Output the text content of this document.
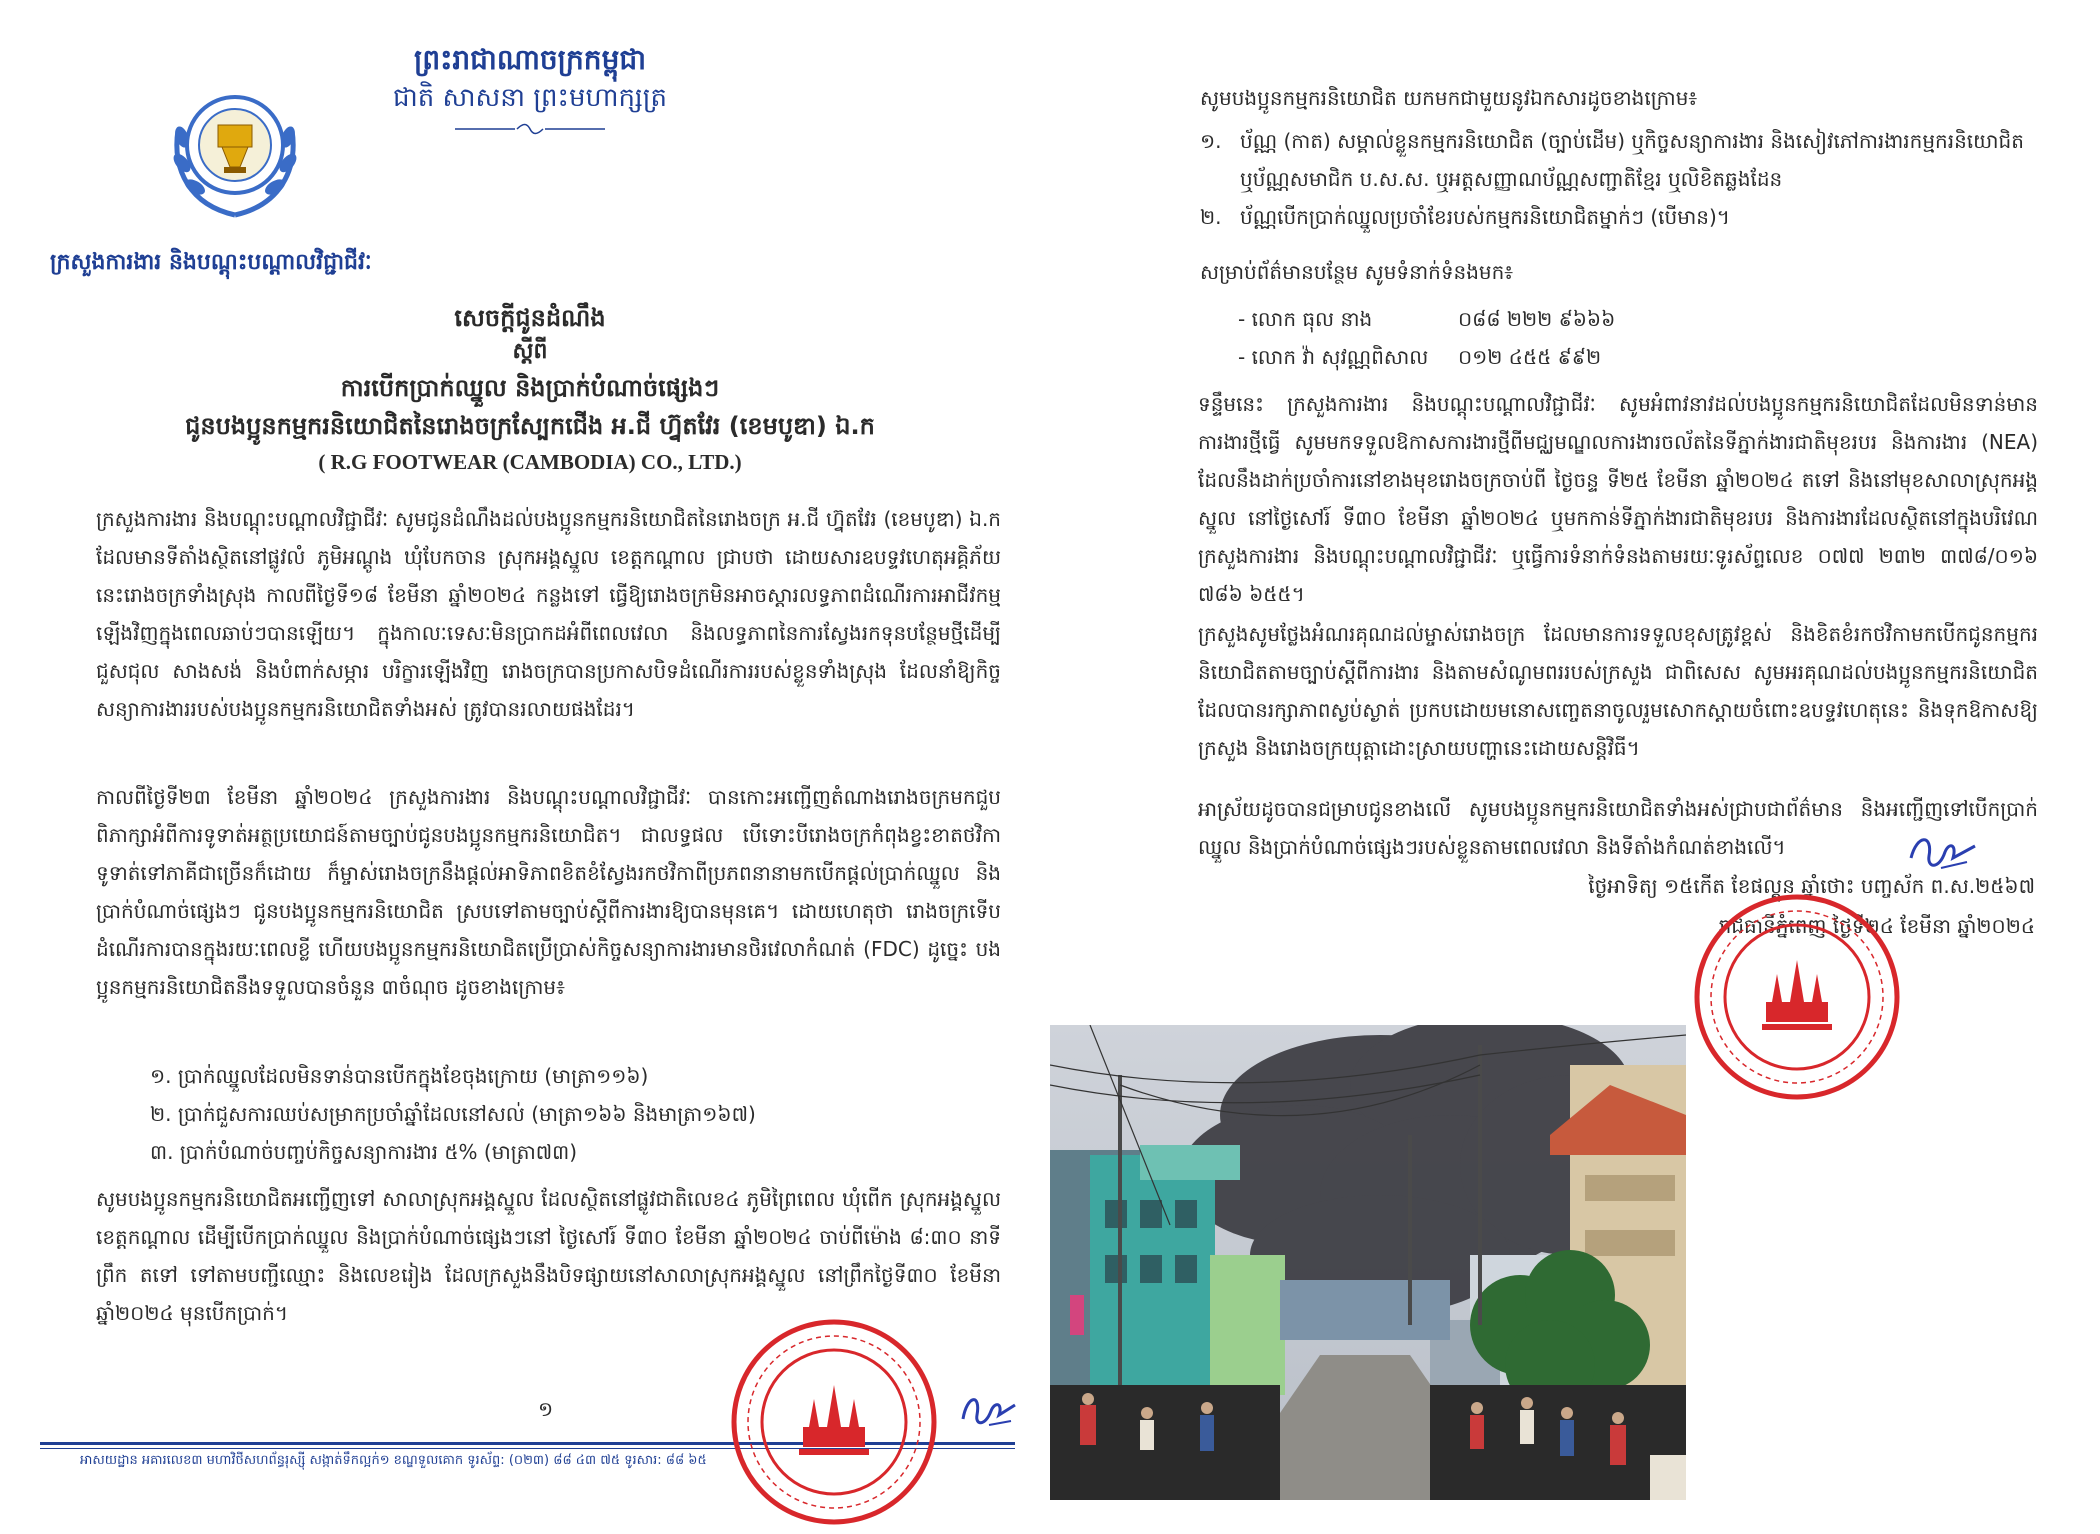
ព្រះរាជាណាចក្រកម្ពុជា
ជាតិ សាសនា ព្រះមហាក្សត្រ
ក្រសួងការងារ និងបណ្ដុះបណ្ដាលវិជ្ជាជីវៈ
សេចក្ដីជូនដំណឹង
ស្ដីពី
ការបើកប្រាក់ឈ្នួល និងប្រាក់បំណាច់ផ្សេងៗ
ជូនបងប្អូនកម្មករនិយោជិតនៃរោងចក្រស្បែកជើង អ.ជី ហ្វ៊ុតវែរ (ខេមបូឌា) ឯ.ក
( R.G FOOTWEAR (CAMBODIA) CO., LTD.)
ក្រសួងការងារ និងបណ្ដុះបណ្ដាលវិជ្ជាជីវៈ សូមជូនដំណឹងដល់បងប្អូនកម្មករនិយោជិតនៃរោងចក្រ អ.ជី ហ្វ៊ុតវែរ (ខេមបូឌា) ឯ.ក ដែលមានទីតាំងស្ថិតនៅផ្លូវលំ ភូមិអណ្ដូង ឃុំបែកចាន ស្រុកអង្គស្នួល ខេត្តកណ្ដាល ជ្រាបថា ដោយសារឧបទ្ទវហេតុអគ្គិភ័យនេះរោងចក្រទាំងស្រុង កាលពីថ្ងៃទី១៨ ខែមីនា ឆ្នាំ២០២៤ កន្លងទៅ ធ្វើឱ្យរោងចក្រមិនអាចស្ដារលទ្ធភាពដំណើរការអាជីវកម្មឡើងវិញក្នុងពេលឆាប់ៗបានឡើយ។ ក្នុងកាលៈទេសៈមិនប្រាកដអំពីពេលវេលា និងលទ្ធភាពនៃការស្វែងរកទុនបន្ថែមថ្មីដើម្បីជួសជុល សាងសង់ និងបំពាក់សម្ភារ បរិក្ខារឡើងវិញ រោងចក្របានប្រកាសបិទដំណើរការរបស់ខ្លួនទាំងស្រុង ដែលនាំឱ្យកិច្ចសន្យាការងាររបស់បងប្អូនកម្មករនិយោជិតទាំងអស់ ត្រូវបានរលាយផងដែរ។
កាលពីថ្ងៃទី២៣ ខែមីនា ឆ្នាំ២០២៤ ក្រសួងការងារ និងបណ្ដុះបណ្ដាលវិជ្ជាជីវៈ បានកោះអញ្ជើញតំណាងរោងចក្រមកជួបពិភាក្សាអំពីការទូទាត់អត្ថប្រយោជន៍តាមច្បាប់ជូនបងប្អូនកម្មករនិយោជិត។ ជាលទ្ធផល បើទោះបីរោងចក្រកំពុងខ្វះខាតថវិកាទូទាត់ទៅភាគីជាច្រើនក៏ដោយ ក៏ម្ចាស់រោងចក្រនឹងផ្ដល់អាទិភាពខិតខំស្វែងរកថវិកាពីប្រភពនានាមកបើកផ្ដល់ប្រាក់ឈ្នួល និងប្រាក់បំណាច់ផ្សេងៗ ជូនបងប្អូនកម្មករនិយោជិត ស្របទៅតាមច្បាប់ស្ដីពីការងារឱ្យបានមុនគេ។ ដោយហេតុថា រោងចក្រទើបដំណើរការបានក្នុងរយៈពេលខ្លី ហើយបងប្អូនកម្មករនិយោជិតប្រើប្រាស់កិច្ចសន្យាការងារមានថិរវេលាកំណត់ (FDC) ដូច្នេះ បងប្អូនកម្មករនិយោជិតនឹងទទួលបានចំនួន ៣ចំណុច ដូចខាងក្រោម៖
១. ប្រាក់ឈ្នួលដែលមិនទាន់បានបើកក្នុងខែចុងក្រោយ (មាត្រា១១៦)
២. ប្រាក់ជួសការឈប់សម្រាកប្រចាំឆ្នាំដែលនៅសល់ (មាត្រា១៦៦ និងមាត្រា១៦៧)
៣. ប្រាក់បំណាច់បញ្ចប់កិច្ចសន្យាការងារ ៥% (មាត្រា៧៣)
សូមបងប្អូនកម្មករនិយោជិតអញ្ជើញទៅ សាលាស្រុកអង្គស្នួល ដែលស្ថិតនៅផ្លូវជាតិលេខ៤ ភូមិព្រៃពេល ឃុំពើក ស្រុកអង្គស្នួល ខេត្តកណ្ដាល ដើម្បីបើកប្រាក់ឈ្នួល និងប្រាក់បំណាច់ផ្សេងៗនៅ ថ្ងៃសៅរ៍ ទី៣០ ខែមីនា ឆ្នាំ២០២៤ ចាប់ពីម៉ោង ៨:៣០ នាទីព្រឹក តទៅ ទៅតាមបញ្ជីឈ្មោះ និងលេខរៀង ដែលក្រសួងនឹងបិទផ្សាយនៅសាលាស្រុកអង្គស្នួល នៅព្រឹកថ្ងៃទី៣០ ខែមីនា ឆ្នាំ២០២៤ មុនបើកប្រាក់។
១
អាសយដ្ឋាន អគារលេខ៣ មហាវិថីសហព័ន្ធរុស្ស៊ី សង្កាត់ទឹកល្អក់១ ខណ្ឌទួលគោក ទូរស័ព្ទ: (០២៣) ៨៨ ៤៣ ៧៥ ទូរសារ: ៨៨ ៦៥
សូមបងប្អូនកម្មករនិយោជិត យកមកជាមួយនូវឯកសារដូចខាងក្រោម៖
១. ប័ណ្ណ (កាត) សម្គាល់ខ្លួនកម្មករនិយោជិត (ច្បាប់ដើម) ឬកិច្ចសន្យាការងារ និងសៀវភៅការងារកម្មករនិយោជិត ឬប័ណ្ណសមាជិក ប.ស.ស. ឬអត្តសញ្ញាណប័ណ្ណសញ្ជាតិខ្មែរ ឬលិខិតឆ្លងដែន
២. ប័ណ្ណបើកប្រាក់ឈ្នួលប្រចាំខែរបស់កម្មករនិយោជិតម្នាក់ៗ (បើមាន)។
សម្រាប់ព័ត៌មានបន្ថែម សូមទំនាក់ទំនងមក៖
- លោក ធុល នាង	០៨៨ ២២២ ៩៦៦៦
- លោក វ៉ា សុវណ្ណពិសាល	០១២ ៤៥៥ ៩៩២
ទន្ទឹមនេះ ក្រសួងការងារ និងបណ្ដុះបណ្ដាលវិជ្ជាជីវៈ សូមអំពាវនាវដល់បងប្អូនកម្មករនិយោជិតដែលមិនទាន់មានការងារថ្មីធ្វើ សូមមកទទួលឱកាសការងារថ្មីពីមជ្ឈមណ្ឌលការងារចល័តនៃទីភ្នាក់ងារជាតិមុខរបរ និងការងារ (NEA) ដែលនឹងដាក់ប្រចាំការនៅខាងមុខរោងចក្រចាប់ពី ថ្ងៃចន្ទ ទី២៥ ខែមីនា ឆ្នាំ២០២៤ តទៅ និងនៅមុខសាលាស្រុកអង្គស្នួល នៅថ្ងៃសៅរ៍ ទី៣០ ខែមីនា ឆ្នាំ២០២៤ ឬមកកាន់ទីភ្នាក់ងារជាតិមុខរបរ និងការងារដែលស្ថិតនៅក្នុងបរិវេណក្រសួងការងារ និងបណ្ដុះបណ្ដាលវិជ្ជាជីវៈ ឬធ្វើការទំនាក់ទំនងតាមរយៈទូរស័ព្ទលេខ ០៧៧ ២៣២ ៣៧៨/០១៦ ៧៨៦ ៦៥៥។
ក្រសួងសូមថ្លែងអំណរគុណដល់ម្ចាស់រោងចក្រ ដែលមានការទទួលខុសត្រូវខ្ពស់ និងខិតខំរកថវិកាមកបើកជូនកម្មករនិយោជិតតាមច្បាប់ស្ដីពីការងារ និងតាមសំណូមពររបស់ក្រសួង ជាពិសេស សូមអរគុណដល់បងប្អូនកម្មករនិយោជិតដែលបានរក្សាភាពស្ងប់ស្ងាត់ ប្រកបដោយមនោសញ្ចេតនាចូលរួមសោកស្ដាយចំពោះឧបទ្ទវហេតុនេះ និងទុកឱកាសឱ្យក្រសួង និងរោងចក្រយុត្តាដោះស្រាយបញ្ហានេះដោយសន្តិវិធី។
អាស្រ័យដូចបានជម្រាបជូនខាងលើ សូមបងប្អូនកម្មករនិយោជិតទាំងអស់ជ្រាបជាព័ត៌មាន និងអញ្ជើញទៅបើកប្រាក់ឈ្នួល និងប្រាក់បំណាច់ផ្សេងៗរបស់ខ្លួនតាមពេលវេលា និងទីតាំងកំណត់ខាងលើ។
ថ្ងៃអាទិត្យ ១៥កើត ខែផល្គុន ឆ្នាំថោះ បញ្ចស័ក ព.ស.២៥៦៧
រាជធានីភ្នំពេញ ថ្ងៃទី២៤ ខែមីនា ឆ្នាំ២០២៤
